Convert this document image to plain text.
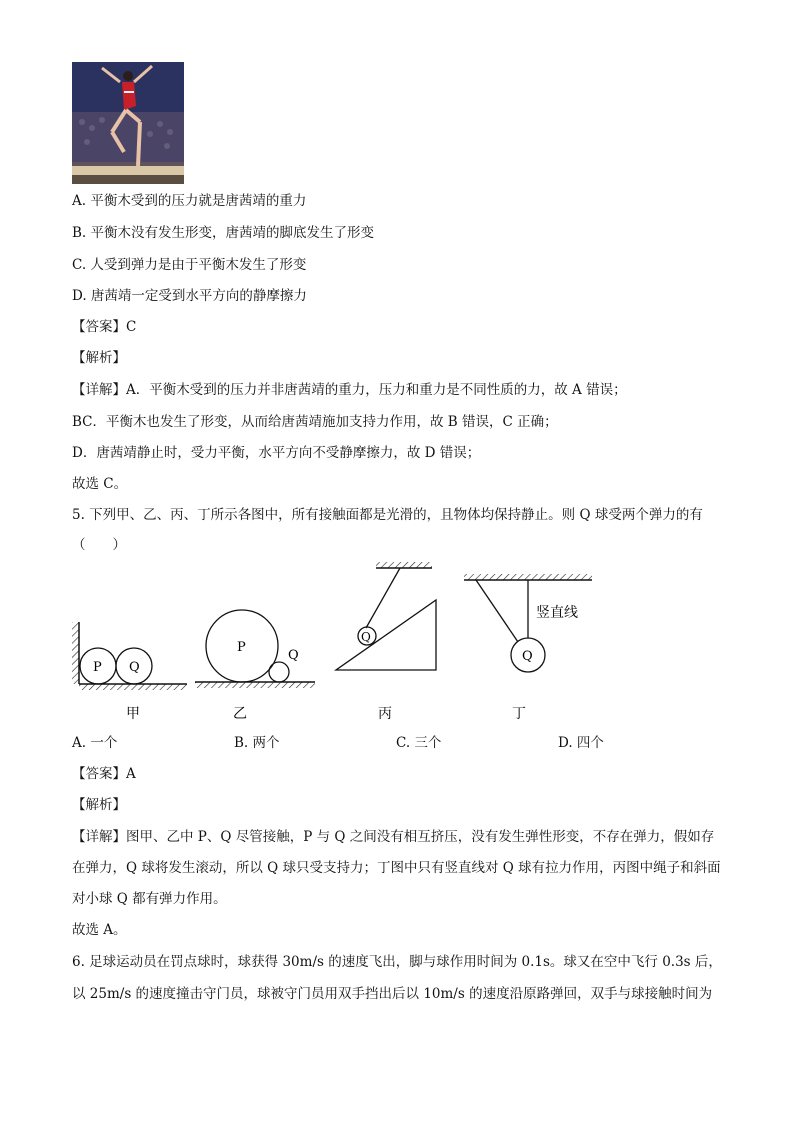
A. 平衡木受到的压力就是唐茜靖的重力
B. 平衡木没有发生形变，唐茜靖的脚底发生了形变
C. 人受到弹力是由于平衡木发生了形变
D. 唐茜靖一定受到水平方向的静摩擦力
【答案】C
【解析】
【详解】A．平衡木受到的压力并非唐茜靖的重力，压力和重力是不同性质的力，故 A 错误；
BC．平衡木也发生了形变，从而给唐茜靖施加支持力作用，故 B 错误，C 正确；
D．唐茜靖静止时，受力平衡，水平方向不受静摩擦力，故 D 错误；
故选 C。
5. 下列甲、乙、丙、丁所示各图中，所有接触面都是光滑的，且物体均保持静止。则 Q 球受两个弹力的有
（　　）
P Q
甲
P
Q
乙
Q
丙
Q
竖直线
丁
A. 一个	B. 两个	C. 三个	D. 四个
【答案】A
【解析】
【详解】图甲、乙中 P、Q 尽管接触，P 与 Q 之间没有相互挤压，没有发生弹性形变，不存在弹力，假如存
在弹力，Q 球将发生滚动，所以 Q 球只受支持力；丁图中只有竖直线对 Q 球有拉力作用，丙图中绳子和斜面
对小球 Q 都有弹力作用。
故选 A。
6. 足球运动员在罚点球时，球获得 30m/s 的速度飞出，脚与球作用时间为 0.1s。球又在空中飞行 0.3s 后，
以 25m/s 的速度撞击守门员，球被守门员用双手挡出后以 10m/s 的速度沿原路弹回，双手与球接触时间为
